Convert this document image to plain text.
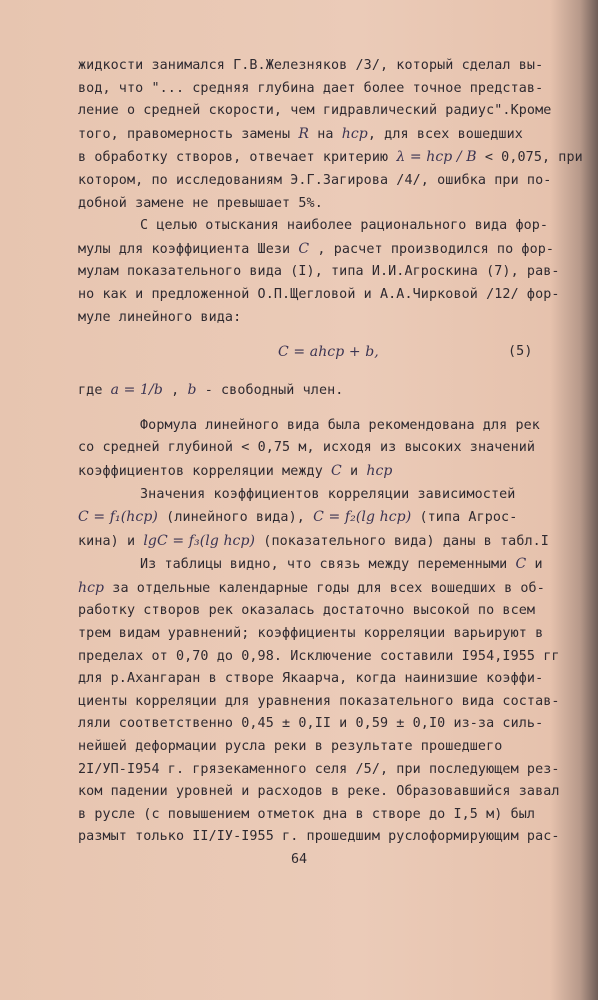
жидкости занимался Г.В.Железняков /3/, который сделал вы-
вод, что "... средняя глубина дает более точное представ-
ление о средней скорости, чем гидравлический радиус".Кроме
того, правомерность замены R на hср, для всех вошедших
в обработку створов, отвечает критерию λ = hср / B < 0,075, при
котором, по исследованиям Э.Г.Загирова /4/, ошибка при по-
добной замене не превышает 5%.
С целью отыскания наиболее рационального вида фор-
мулы для коэффициента Шези C , расчет производился по фор-
мулам показательного вида (I), типа И.И.Агроскина (7), рав-
но как и предложенной О.П.Щегловой и А.А.Чирковой /12/ фор-
муле линейного вида:
C = ahср + b,	(5)
где a = 1/b , b - свободный член.
Формула линейного вида была рекомендована для рек
со средней глубиной < 0,75 м, исходя из высоких значений
коэффициентов корреляции между C и hср
Значения коэффициентов корреляции зависимостей
C = f₁(hср) (линейного вида), C = f₂(lg hср) (типа Агрос-
кина) и lgC = f₃(lg hср) (показательного вида) даны в табл.I
Из таблицы видно, что связь между переменными C и
hср за отдельные календарные годы для всех вошедших в об-
работку створов рек оказалась достаточно высокой по всем
трем видам уравнений; коэффициенты корреляции варьируют в
пределах от 0,70 до 0,98. Исключение составили I954,I955 гг
для р.Ахангаран в створе Якаарча, когда наинизшие коэффи-
циенты корреляции для уравнения показательного вида состав-
ляли соответственно 0,45 ± 0,II и 0,59 ± 0,I0 из-за силь-
нейшей деформации русла реки в результате прошедшего
2I/УП-I954 г. грязекаменного селя /5/, при последующем рез-
ком падении уровней и расходов в реке. Образовавшийся завал
в русле (с повышением отметок дна в створе до I,5 м) был
размыт только II/IУ-I955 г. прошедшим руслоформирующим рас-
64
